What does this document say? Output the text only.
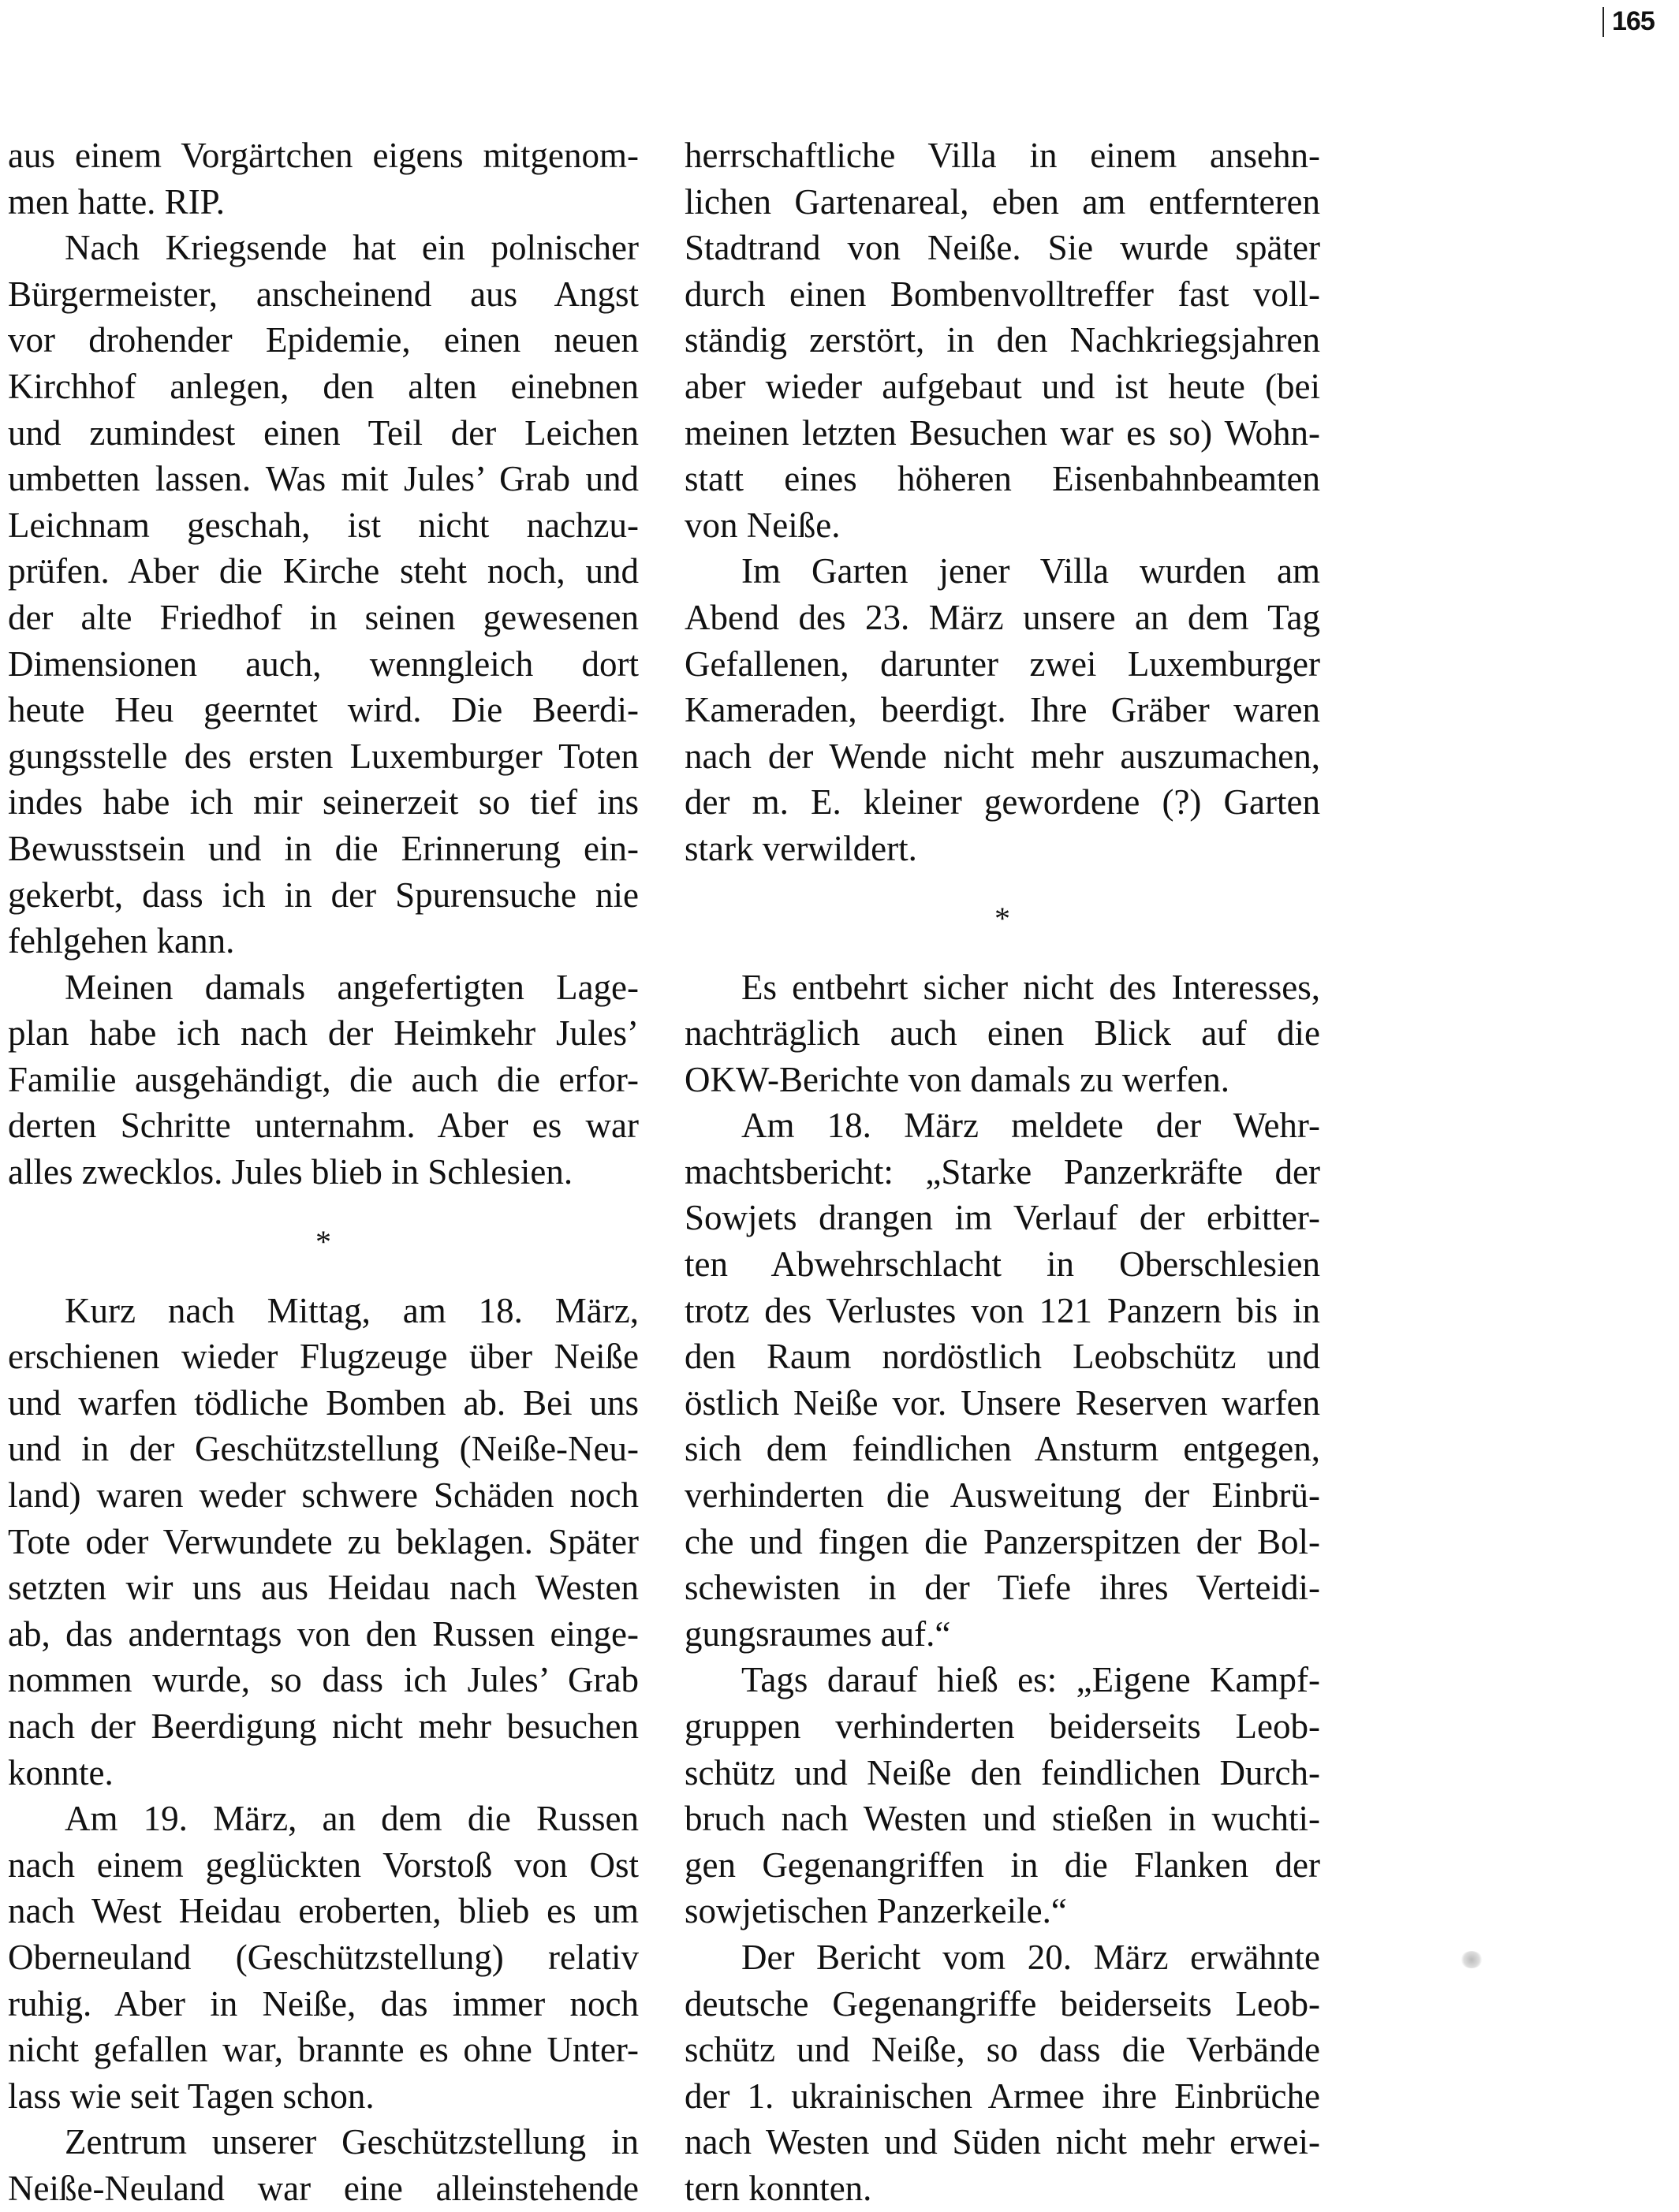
165
aus einem Vorgärtchen eigens mitgenom-
men hatte. RIP.
Nach Kriegsende hat ein polnischer
Bürgermeister, anscheinend aus Angst
vor drohender Epidemie, einen neuen
Kirchhof anlegen, den alten einebnen
und zumindest einen Teil der Leichen
umbetten lassen. Was mit Jules’ Grab und
Leichnam geschah, ist nicht nachzu-
prüfen. Aber die Kirche steht noch, und
der alte Friedhof in seinen gewesenen
Dimensionen auch, wenngleich dort
heute Heu geerntet wird. Die Beerdi-
gungsstelle des ersten Luxemburger Toten
indes habe ich mir seinerzeit so tief ins
Bewusstsein und in die Erinnerung ein-
gekerbt, dass ich in der Spurensuche nie
fehlgehen kann.
Meinen damals angefertigten Lage-
plan habe ich nach der Heimkehr Jules’
Familie ausgehändigt, die auch die erfor-
derten Schritte unternahm. Aber es war
alles zwecklos. Jules blieb in Schlesien.
*
Kurz nach Mittag, am 18. März,
erschienen wieder Flugzeuge über Neiße
und warfen tödliche Bomben ab. Bei uns
und in der Geschützstellung (Neiße-Neu-
land) waren weder schwere Schäden noch
Tote oder Verwundete zu beklagen. Später
setzten wir uns aus Heidau nach Westen
ab, das anderntags von den Russen einge-
nommen wurde, so dass ich Jules’ Grab
nach der Beerdigung nicht mehr besuchen
konnte.
Am 19. März, an dem die Russen
nach einem geglückten Vorstoß von Ost
nach West Heidau eroberten, blieb es um
Oberneuland (Geschützstellung) relativ
ruhig. Aber in Neiße, das immer noch
nicht gefallen war, brannte es ohne Unter-
lass wie seit Tagen schon.
Zentrum unserer Geschützstellung in
Neiße-Neuland war eine alleinstehende
herrschaftliche Villa in einem ansehn-
lichen Gartenareal, eben am entfernteren
Stadtrand von Neiße. Sie wurde später
durch einen Bombenvolltreffer fast voll-
ständig zerstört, in den Nachkriegsjahren
aber wieder aufgebaut und ist heute (bei
meinen letzten Besuchen war es so) Wohn-
statt eines höheren Eisenbahnbeamten
von Neiße.
Im Garten jener Villa wurden am
Abend des 23. März unsere an dem Tag
Gefallenen, darunter zwei Luxemburger
Kameraden, beerdigt. Ihre Gräber waren
nach der Wende nicht mehr auszumachen,
der m. E. kleiner gewordene (?) Garten
stark verwildert.
*
Es entbehrt sicher nicht des Interesses,
nachträglich auch einen Blick auf die
OKW-Berichte von damals zu werfen.
Am 18. März meldete der Wehr-
machtsbericht: „Starke Panzerkräfte der
Sowjets drangen im Verlauf der erbitter-
ten Abwehrschlacht in Oberschlesien
trotz des Verlustes von 121 Panzern bis in
den Raum nordöstlich Leobschütz und
östlich Neiße vor. Unsere Reserven warfen
sich dem feindlichen Ansturm entgegen,
verhinderten die Ausweitung der Einbrü-
che und fingen die Panzerspitzen der Bol-
schewisten in der Tiefe ihres Verteidi-
gungsraumes auf.“
Tags darauf hieß es: „Eigene Kampf-
gruppen verhinderten beiderseits Leob-
schütz und Neiße den feindlichen Durch-
bruch nach Westen und stießen in wuchti-
gen Gegenangriffen in die Flanken der
sowjetischen Panzerkeile.“
Der Bericht vom 20. März erwähnte
deutsche Gegenangriffe beiderseits Leob-
schütz und Neiße, so dass die Verbände
der 1. ukrainischen Armee ihre Einbrüche
nach Westen und Süden nicht mehr erwei-
tern konnten.
